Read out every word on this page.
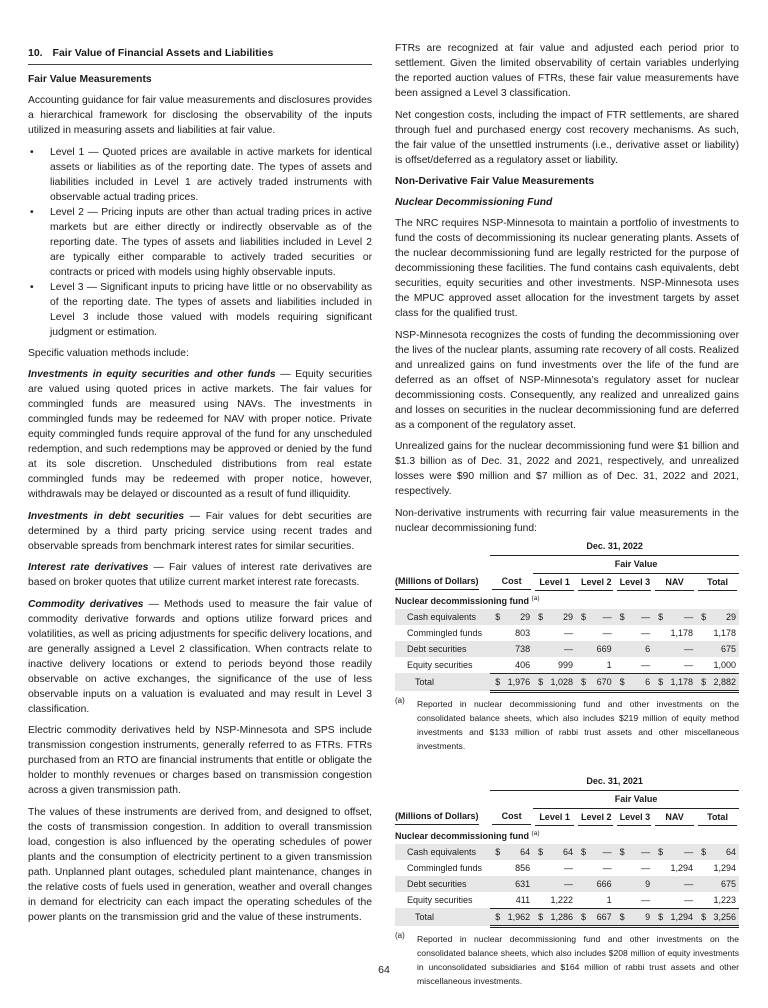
10. Fair Value of Financial Assets and Liabilities
Fair Value Measurements

Accounting guidance for fair value measurements and disclosures provides a hierarchical framework for disclosing the observability of the inputs utilized in measuring assets and liabilities at fair value.

• Level 1 — Quoted prices are available in active markets for identical assets or liabilities as of the reporting date. The types of assets and liabilities included in Level 1 are actively traded instruments with observable actual trading prices.
• Level 2 — Pricing inputs are other than actual trading prices in active markets but are either directly or indirectly observable as of the reporting date. The types of assets and liabilities included in Level 2 are typically either comparable to actively traded securities or contracts or priced with models using highly observable inputs.
• Level 3 — Significant inputs to pricing have little or no observability as of the reporting date. The types of assets and liabilities included in Level 3 include those valued with models requiring significant judgment or estimation.

Specific valuation methods include:

Investments in equity securities and other funds — Equity securities are valued using quoted prices in active markets. The fair values for commingled funds are measured using NAVs. The investments in commingled funds may be redeemed for NAV with proper notice. Private equity commingled funds require approval of the fund for any unscheduled redemption, and such redemptions may be approved or denied by the fund at its sole discretion. Unscheduled distributions from real estate commingled funds may be redeemed with proper notice, however, withdrawals may be delayed or discounted as a result of fund illiquidity.

Investments in debt securities — Fair values for debt securities are determined by a third party pricing service using recent trades and observable spreads from benchmark interest rates for similar securities.

Interest rate derivatives — Fair values of interest rate derivatives are based on broker quotes that utilize current market interest rate forecasts.

Commodity derivatives — Methods used to measure the fair value of commodity derivative forwards and options utilize forward prices and volatilities, as well as pricing adjustments for specific delivery locations, and are generally assigned a Level 2 classification. When contracts relate to inactive delivery locations or extend to periods beyond those readily observable on active exchanges, the significance of the use of less observable inputs on a valuation is evaluated and may result in Level 3 classification.

Electric commodity derivatives held by NSP-Minnesota and SPS include transmission congestion instruments, generally referred to as FTRs. FTRs purchased from an RTO are financial instruments that entitle or obligate the holder to monthly revenues or charges based on transmission congestion across a given transmission path.

The values of these instruments are derived from, and designed to offset, the costs of transmission congestion. In addition to overall transmission load, congestion is also influenced by the operating schedules of power plants and the consumption of electricity pertinent to a given transmission path. Unplanned plant outages, scheduled plant maintenance, changes in the relative costs of fuels used in generation, weather and overall changes in demand for electricity can each impact the operating schedules of the power plants on the transmission grid and the value of these instruments.

FTRs are recognized at fair value and adjusted each period prior to settlement. Given the limited observability of certain variables underlying the reported auction values of FTRs, these fair value measurements have been assigned a Level 3 classification.

Net congestion costs, including the impact of FTR settlements, are shared through fuel and purchased energy cost recovery mechanisms. As such, the fair value of the unsettled instruments (i.e., derivative asset or liability) is offset/deferred as a regulatory asset or liability.

Non-Derivative Fair Value Measurements
Nuclear Decommissioning Fund

The NRC requires NSP-Minnesota to maintain a portfolio of investments to fund the costs of decommissioning its nuclear generating plants. Assets of the nuclear decommissioning fund are legally restricted for the purpose of decommissioning these facilities. The fund contains cash equivalents, debt securities, equity securities and other investments. NSP-Minnesota uses the MPUC approved asset allocation for the investment targets by asset class for the qualified trust.

NSP-Minnesota recognizes the costs of funding the decommissioning over the lives of the nuclear plants, assuming rate recovery of all costs. Realized and unrealized gains on fund investments over the life of the fund are deferred as an offset of NSP-Minnesota’s regulatory asset for nuclear decommissioning costs. Consequently, any realized and unrealized gains and losses on securities in the nuclear decommissioning fund are deferred as a component of the regulatory asset.

Unrealized gains for the nuclear decommissioning fund were $1 billion and $1.3 billion as of Dec. 31, 2022 and 2021, respectively, and unrealized losses were $90 million and $7 million as of Dec. 31, 2022 and 2021, respectively.

Non-derivative instruments with recurring fair value measurements in the nuclear decommissioning fund:

	Dec. 31, 2022											
			Fair Value									
(Millions of Dollars)	Cost		Level 1		Level 2		Level 3		NAV		Total	
Nuclear decommissioning fund $^{(a)}$
Cash equivalents	$	29	$	29	$	—	$	—	$	—	$	29
Commingled funds		803		—		—		—		1,178		1,178
Debt securities		738		—		669		6		—		675
Equity securities		406		999		1		—		—		1,000
Total	$	1,976	$	1,028	$	670	$	6	$	1,178	$	2,882
(a) Reported in nuclear decommissioning fund and other investments on the consolidated balance sheets, which also includes $219 million of equity method investments and $133 million of rabbi trust assets and other miscellaneous investments.
	Dec. 31, 2021											
			Fair Value									
(Millions of Dollars)	Cost		Level 1		Level 2		Level 3		NAV		Total	
Nuclear decommissioning fund $^{(a)}$
Cash equivalents	$	64	$	64	$	—	$	—	$	—	$	64
Commingled funds		856		—		—		—		1,294		1,294
Debt securities		631		—		666		9		—		675
Equity securities		411		1,222		1		—		—		1,223
Total	$	1,962	$	1,286	$	667	$	9	$	1,294	$	3,256
(a) Reported in nuclear decommissioning fund and other investments on the consolidated balance sheets, which also includes $208 million of equity investments in unconsolidated subsidiaries and $164 million of rabbi trust assets and other miscellaneous investments.
64
